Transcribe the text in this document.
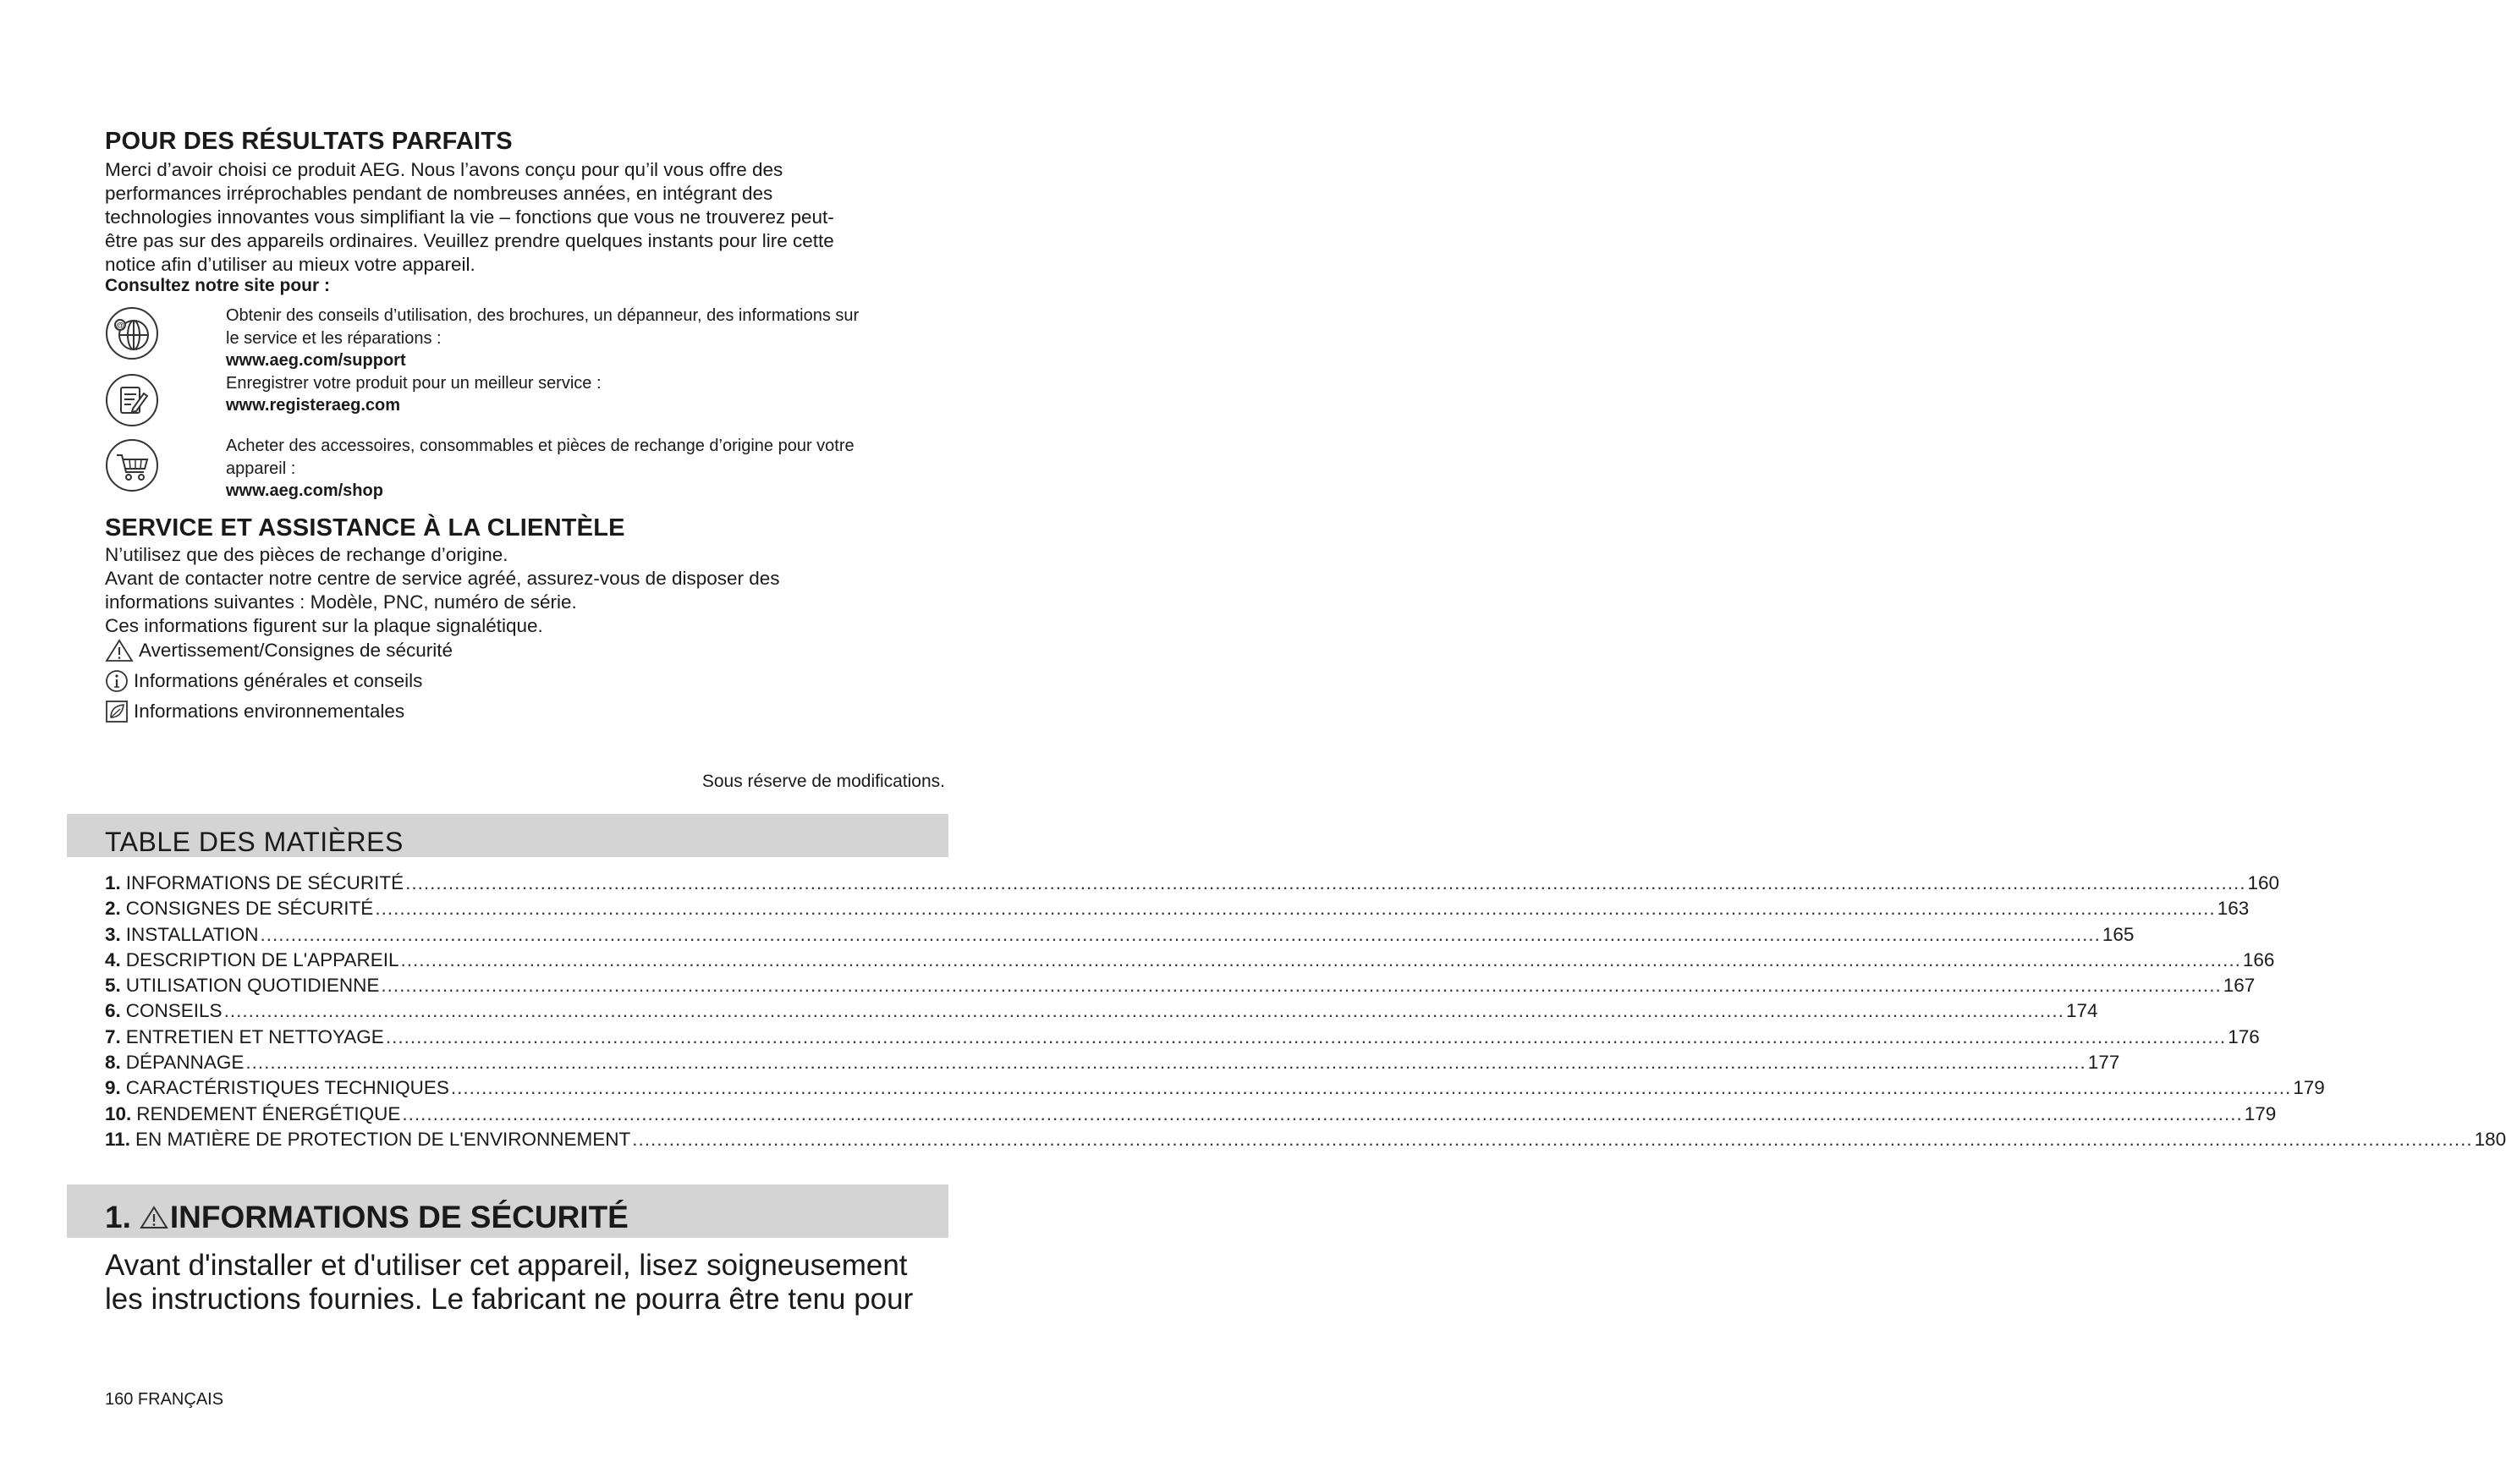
POUR DES RÉSULTATS PARFAITS
Merci d’avoir choisi ce produit AEG. Nous l’avons conçu pour qu’il vous offre des
performances irréprochables pendant de nombreuses années, en intégrant des
technologies innovantes vous simplifiant la vie – fonctions que vous ne trouverez peut-
être pas sur des appareils ordinaires. Veuillez prendre quelques instants pour lire cette
notice afin d’utiliser au mieux votre appareil.
Consultez notre site pour :
@
Obtenir des conseils d’utilisation, des brochures, un dépanneur, des informations sur
le service et les réparations :
www.aeg.com/support
Enregistrer votre produit pour un meilleur service :
www.registeraeg.com
Acheter des accessoires, consommables et pièces de rechange d’origine pour votre
appareil :
www.aeg.com/shop
SERVICE ET ASSISTANCE À LA CLIENTÈLE
N’utilisez que des pièces de rechange d’origine.
Avant de contacter notre centre de service agréé, assurez-vous de disposer des
informations suivantes : Modèle, PNC, numéro de série.
Ces informations figurent sur la plaque signalétique.
Avertissement/Consignes de sécurité
Informations générales et conseils
Informations environnementales
Sous réserve de modifications.
TABLE DES MATIÈRES
1. INFORMATIONS DE SÉCURITÉ ............................................................................................................................................................................................................................................................................................................ 160
2. CONSIGNES DE SÉCURITÉ ............................................................................................................................................................................................................................................................................................................ 163
3. INSTALLATION ............................................................................................................................................................................................................................................................................................................ 165
4. DESCRIPTION DE L'APPAREIL ............................................................................................................................................................................................................................................................................................................ 166
5. UTILISATION QUOTIDIENNE ............................................................................................................................................................................................................................................................................................................ 167
6. CONSEILS ............................................................................................................................................................................................................................................................................................................ 174
7. ENTRETIEN ET NETTOYAGE ............................................................................................................................................................................................................................................................................................................ 176
8. DÉPANNAGE ............................................................................................................................................................................................................................................................................................................ 177
9. CARACTÉRISTIQUES TECHNIQUES ............................................................................................................................................................................................................................................................................................................ 179
10. RENDEMENT ÉNERGÉTIQUE ............................................................................................................................................................................................................................................................................................................ 179
11. EN MATIÈRE DE PROTECTION DE L'ENVIRONNEMENT ............................................................................................................................................................................................................................................................................................................ 180
1. INFORMATIONS DE SÉCURITÉ
Avant d'installer et d'utiliser cet appareil, lisez soigneusement
les instructions fournies. Le fabricant ne pourra être tenu pour
160 FRANÇAIS
